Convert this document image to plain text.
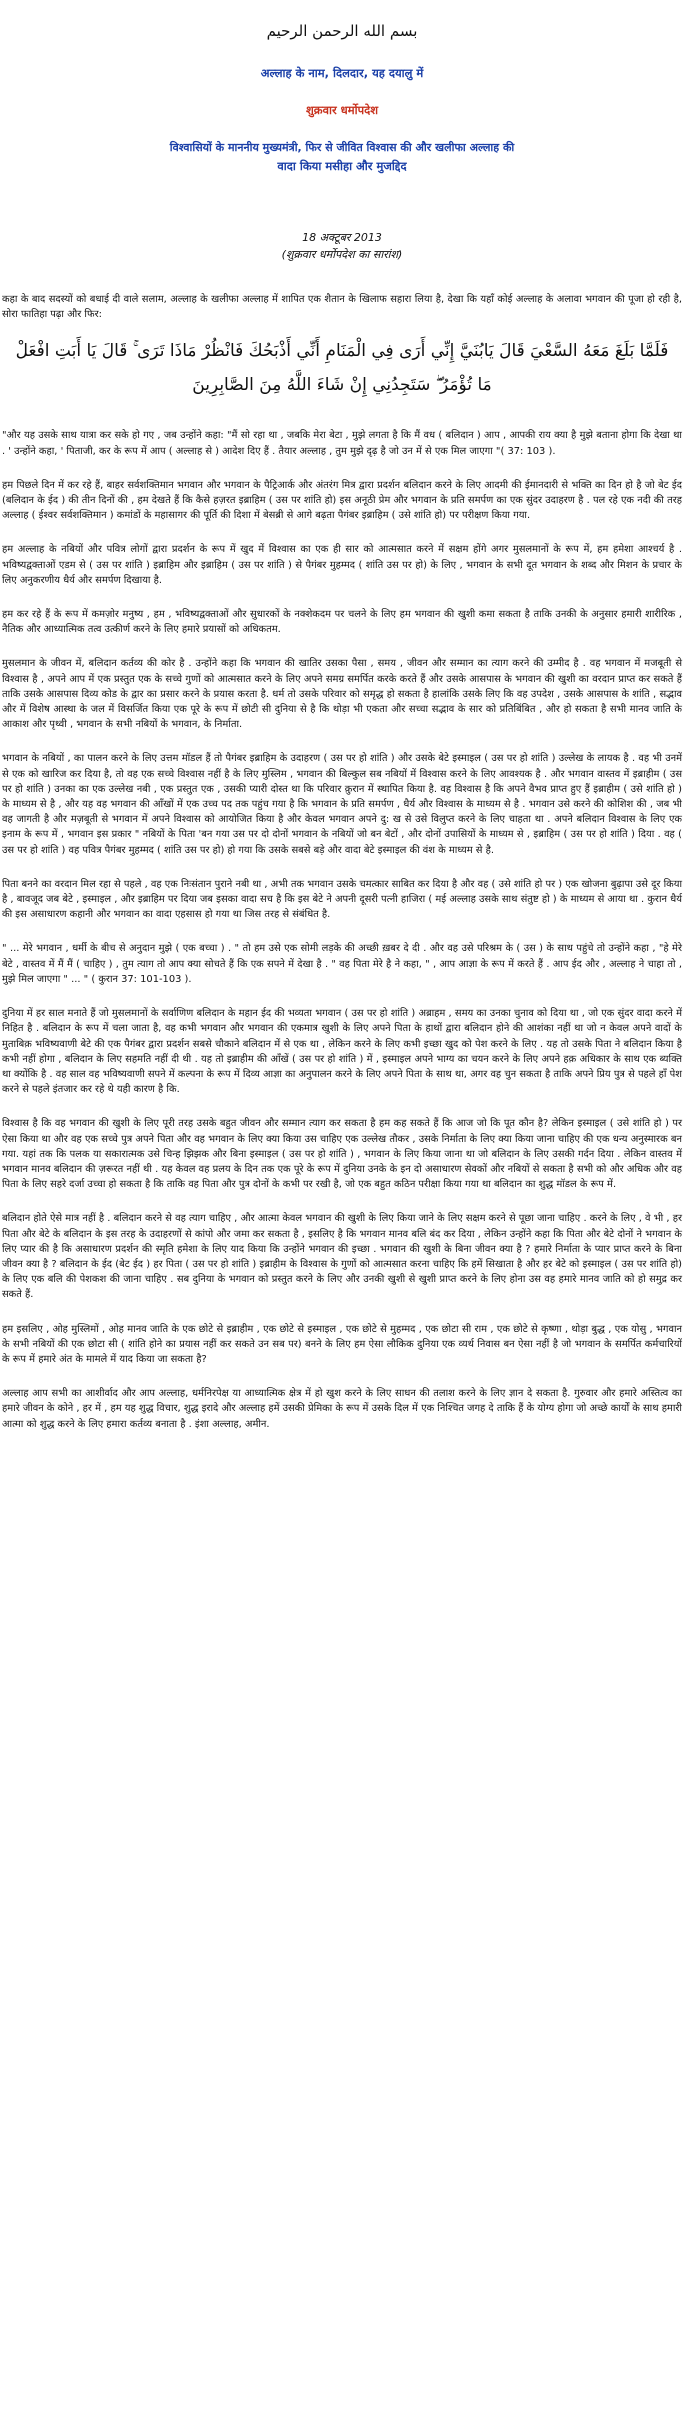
بسم الله الرحمن الرحيم
अल्लाह के नाम, दिलदार, यह दयालु में
शुक्रवार धर्मोपदेश
विश्वासियों के माननीय मुख्यमंत्री, फिर से जीवित विश्वास की और खलीफा अल्लाह की
वादा किया मसीहा और मुजद्दिद
18 अक्टूबर 2013
(शुक्रवार धर्मोपदेश का सारांश)

कहा के बाद सदस्यों को बधाई दी वाले सलाम, अल्लाह के खलीफा अल्लाह में शापित एक शैतान के खिलाफ सहारा लिया है, देखा कि यहाँ कोई अल्लाह के अलावा भगवान की पूजा हो रही है, सोरा फातिहा पढ़ा और फिर:

فَلَمَّا بَلَغَ مَعَهُ السَّعْيَ قَالَ يَابُنَيَّ إِنِّي أَرَى فِي الْمَنَامِ أَنِّي أَذْبَحُكَ فَانْظُرْ مَاذَا تَرَى ۚ قَالَ يَا أَبَتِ افْعَلْ مَا تُؤْمَرُ ۖ سَتَجِدُنِي إِنْ شَاءَ اللَّهُ مِنَ الصَّابِرِينَ

"और यह उसके साथ यात्रा कर सके हो गए , जब उन्होंने कहा: "मैं सो रहा था , जबकि मेरा बेटा , मुझे लगता है कि मैं वध ( बलिदान ) आप , आपकी राय क्या है मुझे बताना होगा कि देखा था . ' उन्होंने कहा, ' पिताजी, कर के रूप में आप ( अल्लाह से ) आदेश दिए हैं . तैयार अल्लाह , तुम मुझे दृढ़ है जो उन में से एक मिल जाएगा "( 37: 103 ).

हम पिछले दिन में कर रहे हैं, बाहर सर्वशक्तिमान भगवान और भगवान के पैट्रिआर्क और अंतरंग मित्र द्वारा प्रदर्शन बलिदान करने के लिए आदमी की ईमानदारी से भक्ति का दिन हो है जो बेट ईद (बलिदान के ईद ) की तीन दिनों की , हम देखते हैं कि कैसे हज़रत इब्राहिम ( उस पर शांति हो) इस अनूठी प्रेम और भगवान के प्रति समर्पण का एक सुंदर उदाहरण है . पल रहे एक नदी की तरह अल्लाह ( ईश्वर सर्वशक्तिमान ) कमांडों के महासागर की पूर्ति की दिशा में बेसब्री से आगे बढ़ता पैगंबर इब्राहिम ( उसे शांति हो) पर परीक्षण किया गया.

हम अल्लाह के नबियों और पवित्र लोगों द्वारा प्रदर्शन के रूप में खुद में विश्वास का एक ही सार को आत्मसात करने में सक्षम होंगे अगर मुसलमानों के रूप में, हम हमेशा आश्चर्य है . भविष्यद्वक्ताओं एडम से ( उस पर शांति ) इब्राहिम और इब्राहिम ( उस पर शांति ) से पैगंबर मुहम्मद ( शांति उस पर हो) के लिए , भगवान के सभी दूत भगवान के शब्द और मिशन के प्रचार के लिए अनुकरणीय धैर्य और समर्पण दिखाया है.

हम कर रहे हैं के रूप में कमज़ोर मनुष्य , हम , भविष्यद्वक्ताओं और सुधारकों के नक्शेकदम पर चलने के लिए हम भगवान की खुशी कमा सकता है ताकि उनकी के अनुसार हमारी शारीरिक , नैतिक और आध्यात्मिक तत्व उत्कीर्ण करने के लिए हमारे प्रयासों को अधिकतम.

मुसलमान के जीवन में, बलिदान कर्तव्य की कोर है . उन्होंने कहा कि भगवान की खातिर उसका पैसा , समय , जीवन और सम्मान का त्याग करने की उम्मीद है . वह भगवान में मजबूती से विश्वास है , अपने आप में एक प्रस्तुत एक के सच्चे गुणों को आत्मसात करने के लिए अपने समग्र समर्पित करके करते हैं और उसके आसपास के भगवान की खुशी का वरदान प्राप्त कर सकते हैं ताकि उसके आसपास दिव्य कोड के द्वार का प्रसार करने के प्रयास करता है. धर्म तो उसके परिवार को समृद्ध हो सकता है हालांकि उसके लिए कि वह उपदेश , उसके आसपास के शांति , सद्भाव और में विशेष आस्था के जल में विसर्जित किया एक पूरे के रूप में छोटी सी दुनिया से है कि थोड़ा भी एकता और सच्चा सद्भाव के सार को प्रतिबिंबित , और हो सकता है सभी मानव जाति के आकाश और पृथ्वी , भगवान के सभी नबियों के भगवान, के निर्माता.

भगवान के नबियों , का पालन करने के लिए उत्तम मॉडल हैं तो पैगंबर इब्राहिम के उदाहरण ( उस पर हो शांति ) और उसके बेटे इस्माइल ( उस पर हो शांति ) उल्लेख के लायक है . वह भी उनमें से एक को खारिज कर दिया है, तो वह एक सच्चे विश्वास नहीं है के लिए मुस्लिम , भगवान की बिल्कुल सब नबियों में विश्वास करने के लिए आवश्यक है . और भगवान वास्तव में इब्राहीम ( उस पर हो शांति ) उनका का एक उल्लेख नबी , एक प्रस्तुत एक , उसकी प्यारी दोस्त था कि परिवार क़ुरान में स्थापित किया है. वह विश्वास है कि अपने वैभव प्राप्त हुए हैं इब्राहीम ( उसे शांति हो ) के माध्यम से है , और यह वह भगवान की आँखों में एक उच्च पद तक पहुंच गया है कि भगवान के प्रति समर्पण , धैर्य और विश्वास के माध्यम से है . भगवान उसे करने की कोशिश की , जब भी वह जागती है और मज़बूती से भगवान में अपने विश्वास को आयोजित किया है और केवल भगवान अपने दु: ख से उसे विलुप्त करने के लिए चाहता था . अपने बलिदान विश्वास के लिए एक इनाम के रूप में , भगवान इस प्रकार " नबियों के पिता 'बन गया उस पर दो दोनों भगवान के नबियों जो बन बेटों , और दोनों उपासियों के माध्यम से , इब्राहिम ( उस पर हो शांति ) दिया . वह ( उस पर हो शांति ) वह पवित्र पैगंबर मुहम्मद ( शांति उस पर हो) हो गया कि उसके सबसे बड़े और वादा बेटे इस्माइल की वंश के माध्यम से है.

पिता बनने का वरदान मिल रहा से पहले , वह एक निःसंतान पुराने नबी था , अभी तक भगवान उसके चमत्कार साबित कर दिया है और वह ( उसे शांति हो पर ) एक खोजना बुढ़ापा उसे दूर किया है , बावजूद जब बेटे , इस्माइल , और इब्राहिम पर दिया जब इसका वादा सच है कि इस बेटे ने अपनी दूसरी पत्नी हाजिरा ( मई अल्लाह उसके साथ संतुष्ट हो ) के माध्यम से आया था . कुरान धैर्य की इस असाधारण कहानी और भगवान का वादा एहसास हो गया था जिस तरह से संबंधित है.

" ... मेरे भगवान , धर्मी के बीच से अनुदान मुझे ( एक बच्चा ) . " तो हम उसे एक सोमी लड़के की अच्छी ख़बर दे दी . और वह उसे परिश्रम के ( उस ) के साथ पहुंचे तो उन्होंने कहा , "हे मेरे बेटे , वास्तव में मैं मैं ( चाहिए ) , तुम त्याग तो आप क्या सोचते हैं कि एक सपने में देखा है . " वह पिता मेरे है ने कहा, " , आप आज्ञा के रूप में करते हैं . आप ईद और , अल्लाह ने चाहा तो , मुझे मिल जाएगा " ... " ( कुरान 37: 101-103 ).

दुनिया में हर साल मनाते हैं जो मुसलमानों के सर्वाणिण बलिदान के महान ईद की भव्यता भगवान ( उस पर हो शांति ) अब्राहम , समय का उनका चुनाव को दिया था , जो एक सुंदर वादा करने में निहित है . बलिदान के रूप में चला जाता है, वह कभी भगवान और भगवान की एकमात्र खुशी के लिए अपने पिता के हाथों द्वारा बलिदान होने की आशंका नहीं था जो न केवल अपने वादों के मुताबिक़ भविष्यवाणी बेटे की एक पैगंबर द्वारा प्रदर्शन सबसे चौकाने बलिदान में से एक था , लेकिन करने के लिए कभी इच्छा खुद को पेश करने के लिए . यह तो उसके पिता ने बलिदान किया है कभी नहीं होगा , बलिदान के लिए सहमति नहीं दी थी . यह तो इब्राहीम की आँखें ( उस पर हो शांति ) में , इस्माइल अपने भाग्य का चयन करने के लिए अपने हक़ अधिकार के साथ एक ब्यक्ति था क्योंकि है . वह साल वह भविष्यवाणी सपने में कल्पना के रूप में दिव्य आज्ञा का अनुपालन करने के लिए अपने पिता के साथ था, अगर वह चुन सकता है ताकि अपने प्रिय पुत्र से पहले हाँ पेश करने से पहले इंतजार कर रहे थे यही कारण है कि.

विश्वास है कि वह भगवान की खुशी के लिए पूरी तरह उसके बहुत जीवन और सम्मान त्याग कर सकता है हम कह सकते हैं कि आज जो कि पूत कौन है? लेकिन इस्माइल ( उसे शांति हो ) पर ऐसा किया था और वह एक सच्चे पुत्र अपने पिता और वह भगवान के लिए क्या किया उस चाहिए एक उल्लेख तौकर , उसके निर्माता के लिए क्या किया जाना चाहिए की एक धन्य अनुस्मारक बन गया. यहां तक कि पलक या सकारात्मक उसे चिन्ह झिझक और बिना इस्माइल ( उस पर हो शांति ) , भगवान के लिए किया जाना था जो बलिदान के लिए उसकी गर्दन दिया . लेकिन वास्तव में भगवान मानव बलिदान की ज़रूरत नहीं थी . यह केवल वह प्रलय के दिन तक एक पूरे के रूप में दुनिया उनके के इन दो असाधारण सेवकों और नबियों से सकता है सभी को और अधिक और वह पिता के लिए सहरे दर्जा उच्चा हो सकता है कि ताकि वह पिता और पुत्र दोनों के कभी पर रखी है, जो एक बहुत कठिन परीक्षा किया गया था बलिदान का शुद्ध मॉडल के रूप में.

बलिदान होते ऐसे मात्र नहीं है . बलिदान करने से वह त्याग चाहिए , और आत्मा केवल भगवान की खुशी के लिए किया जाने के लिए सक्षम करने से पूछा जाना चाहिए . करने के लिए , वे भी , हर पिता और बेटे के बलिदान के इस तरह के उदाहरणों से कांपो और जमा कर सकता है , इसलिए है कि भगवान मानव बलि बंद कर दिया , लेकिन उन्होंने कहा कि पिता और बेटे दोनों ने भगवान के लिए प्यार की है कि असाधारण प्रदर्शन की स्मृति हमेशा के लिए याद किया कि उन्होंने भगवान की इच्छा . भगवान की खुशी के बिना जीवन क्या है ? हमारे निर्माता के प्यार प्राप्त करने के बिना जीवन क्या है ? बलिदान के ईद (बेट ईद ) हर पिता ( उस पर हो शांति ) इब्राहीम के विश्वास के गुणों को आत्मसात करना चाहिए कि हमें सिखाता है और हर बेटे को इस्माइल ( उस पर शांति हो) के लिए एक बलि की पेशकश की जाना चाहिए . सब दुनिया के भगवान को प्रस्तुत करने के लिए और उनकी खुशी से खुशी प्राप्त करने के लिए होना उस वह हमारे मानव जाति को हो समुद्र कर सकते हैं.

हम इसलिए , ओह मुस्लिमों , ओह मानव जाति के एक छोटे से इब्राहीम , एक छोटे से इस्माइल , एक छोटे से मुहम्मद , एक छोटा सी राम , एक छोटे से कृष्णा , थोड़ा बुद्ध , एक योसु , भगवान के सभी नबियों की एक छोटा सी ( शांति होने का प्रयास नहीं कर सकते उन सब पर) बनने के लिए हम ऐसा लौकिक दुनिया एक व्यर्थ निवास बन ऐसा नहीं है जो भगवान के समर्पित कर्मचारियों के रूप में हमारे अंत के मामले में याद किया जा सकता है?

अल्लाह आप सभी का आशीर्वाद और आप अल्लाह, धर्मनिरपेक्ष या आध्यात्मिक क्षेत्र में हो खुश करने के लिए साधन की तलाश करने के लिए ज्ञान दे सकता है. गुरुवार और हमारे अस्तित्व का हमारे जीवन के कोने , हर में , हम यह शुद्ध विचार, शुद्ध इरादे और अल्लाह हमें उसकी प्रेमिका के रूप में उसके दिल में एक निश्चित जगह दे ताकि हैं के योग्य होगा जो अच्छे कार्यों के साथ हमारी आत्मा को शुद्ध करने के लिए हमारा कर्तव्य बनाता है . इंशा अल्लाह, अमीन.
